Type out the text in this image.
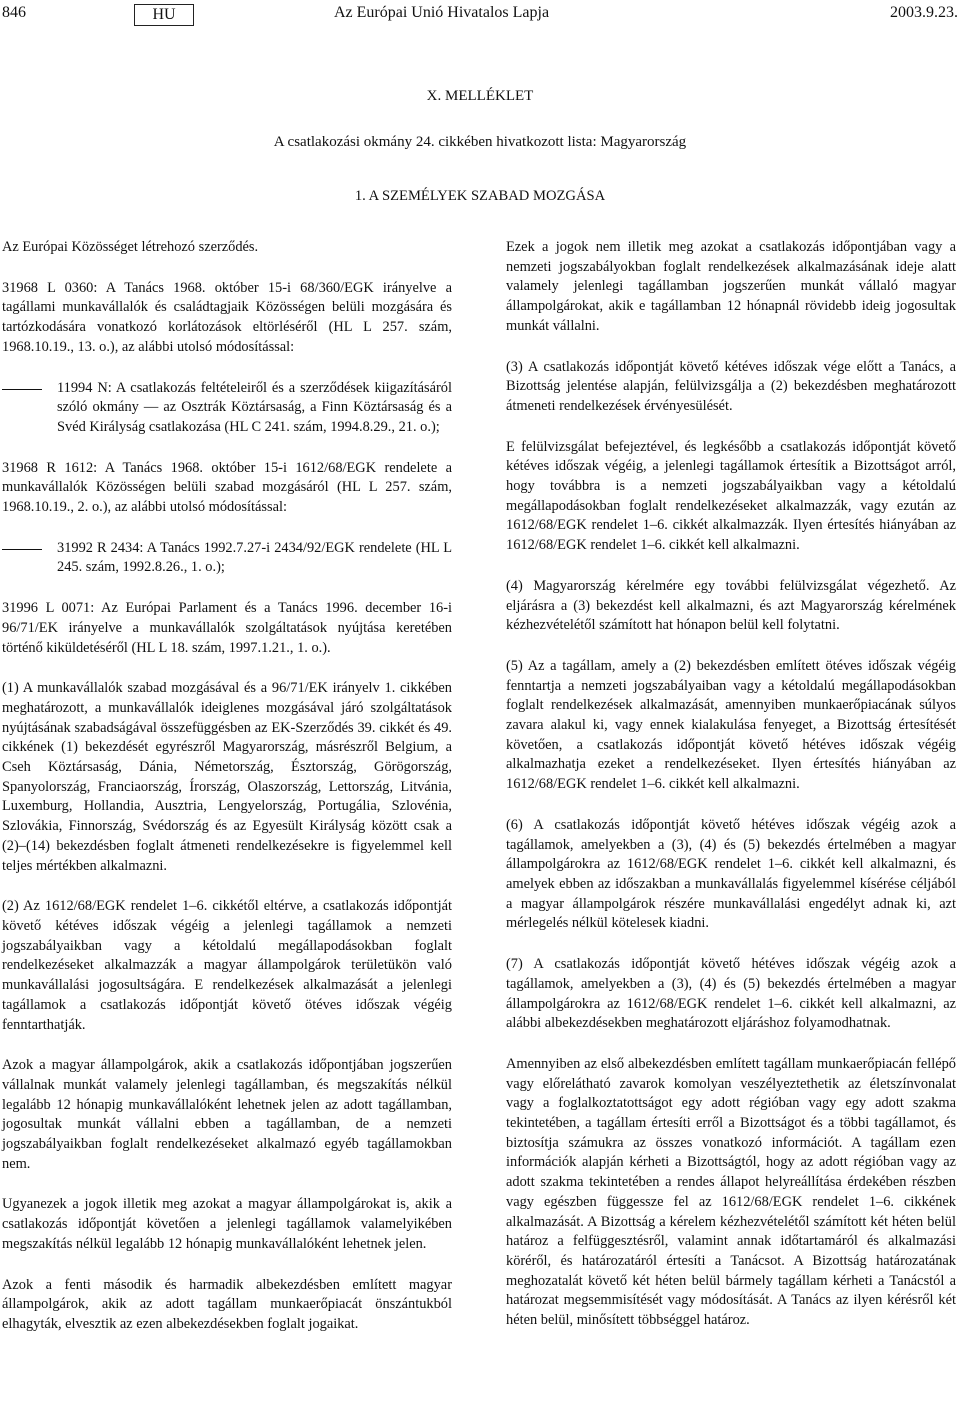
846	HU	Az Európai Unió Hivatalos Lapja	2003.9.23.
X. MELLÉKLET
A csatlakozási okmány 24. cikkében hivatkozott lista: Magyarország
1. A SZEMÉLYEK SZABAD MOZGÁSA

Az Európai Közösséget létrehozó szerződés.

31968 L 0360: A Tanács 1968. október 15-i 68/360/EGK irányelve a tagállami munkavállalók és családtagjaik Közösségen belüli mozgására és tartózkodására vonatkozó korlátozások eltörléséről (HL L 257. szám, 1968.10.19., 13. o.), az alábbi utolsó módosítással:

11994 N: A csatlakozás feltételeiről és a szerződések kiigazításáról szóló okmány — az Osztrák Köztársaság, a Finn Köztársaság és a Svéd Királyság csatlakozása (HL C 241. szám, 1994.8.29., 21. o.);

31968 R 1612: A Tanács 1968. október 15-i 1612/68/EGK rendelete a munkavállalók Közösségen belüli szabad mozgásáról (HL L 257. szám, 1968.10.19., 2. o.), az alábbi utolsó módosítással:

31992 R 2434: A Tanács 1992.7.27-i 2434/92/EGK rendelete (HL L 245. szám, 1992.8.26., 1. o.);

31996 L 0071: Az Európai Parlament és a Tanács 1996. december 16-i 96/71/EK irányelve a munkavállalók szolgáltatások nyújtása keretében történő kiküldetéséről (HL L 18. szám, 1997.1.21., 1. o.).

(1) A munkavállalók szabad mozgásával és a 96/71/EK irányelv 1. cikkében meghatározott, a munkavállalók ideiglenes mozgásával járó szolgáltatások nyújtásának szabadságával összefüggésben az EK-Szerződés 39. cikkét és 49. cikkének (1) bekezdését egyrészről Magyarország, másrészről Belgium, a Cseh Köztársaság, Dánia, Németország, Észtország, Görögország, Spanyolország, Franciaország, Írország, Olaszország, Lettország, Litvánia, Luxemburg, Hollandia, Ausztria, Lengyelország, Portugália, Szlovénia, Szlovákia, Finnország, Svédország és az Egyesült Királyság között csak a (2)–(14) bekezdésben foglalt átmeneti rendelkezésekre is figyelemmel kell teljes mértékben alkalmazni.

(2) Az 1612/68/EGK rendelet 1–6. cikkétől eltérve, a csatlakozás időpontját követő kétéves időszak végéig a jelenlegi tagállamok a nemzeti jogszabályaikban vagy a kétoldalú megállapodásokban foglalt rendelkezéseket alkalmazzák a magyar állampolgárok területükön való munkavállalási jogosultságára. E rendelkezések alkalmazását a jelenlegi tagállamok a csatlakozás időpontját követő ötéves időszak végéig fenntarthatják.

Azok a magyar állampolgárok, akik a csatlakozás időpontjában jogszerűen vállalnak munkát valamely jelenlegi tagállamban, és megszakítás nélkül legalább 12 hónapig munkavállalóként lehetnek jelen az adott tagállamban, jogosultak munkát vállalni ebben a tagállamban, de a nemzeti jogszabályaikban foglalt rendelkezéseket alkalmazó egyéb tagállamokban nem.

Ugyanezek a jogok illetik meg azokat a magyar állampolgárokat is, akik a csatlakozás időpontját követően a jelenlegi tagállamok valamelyikében megszakítás nélkül legalább 12 hónapig munkavállalóként lehetnek jelen.

Azok a fenti második és harmadik albekezdésben említett magyar állampolgárok, akik az adott tagállam munkaerőpiacát önszántukból elhagyták, elvesztik az ezen albekezdésekben foglalt jogaikat.

Ezek a jogok nem illetik meg azokat a csatlakozás időpontjában vagy a nemzeti jogszabályokban foglalt rendelkezések alkalmazásának ideje alatt valamely jelenlegi tagállamban jogszerűen munkát vállaló magyar állampolgárokat, akik e tagállamban 12 hónapnál rövidebb ideig jogosultak munkát vállalni.

(3) A csatlakozás időpontját követő kétéves időszak vége előtt a Tanács, a Bizottság jelentése alapján, felülvizsgálja a (2) bekezdésben meghatározott átmeneti rendelkezések érvényesülését.

E felülvizsgálat befejeztével, és legkésőbb a csatlakozás időpontját követő kétéves időszak végéig, a jelenlegi tagállamok értesítik a Bizottságot arról, hogy továbbra is a nemzeti jogszabályaikban vagy a kétoldalú megállapodásokban foglalt rendelkezéseket alkalmazzák, vagy ezután az 1612/68/EGK rendelet 1–6. cikkét alkalmazzák. Ilyen értesítés hiányában az 1612/68/EGK rendelet 1–6. cikkét kell alkalmazni.

(4) Magyarország kérelmére egy további felülvizsgálat végezhető. Az eljárásra a (3) bekezdést kell alkalmazni, és azt Magyarország kérelmének kézhezvételétől számított hat hónapon belül kell folytatni.

(5) Az a tagállam, amely a (2) bekezdésben említett ötéves időszak végéig fenntartja a nemzeti jogszabályaiban vagy a kétoldalú megállapodásokban foglalt rendelkezések alkalmazását, amennyiben munkaerőpiacának súlyos zavara alakul ki, vagy ennek kialakulása fenyeget, a Bizottság értesítését követően, a csatlakozás időpontját követő hétéves időszak végéig alkalmazhatja ezeket a rendelkezéseket. Ilyen értesítés hiányában az 1612/68/EGK rendelet 1–6. cikkét kell alkalmazni.

(6) A csatlakozás időpontját követő hétéves időszak végéig azok a tagállamok, amelyekben a (3), (4) és (5) bekezdés értelmében a magyar állampolgárokra az 1612/68/EGK rendelet 1–6. cikkét kell alkalmazni, és amelyek ebben az időszakban a munkavállalás figyelemmel kísérése céljából a magyar állampolgárok részére munkavállalási engedélyt adnak ki, azt mérlegelés nélkül kötelesek kiadni.

(7) A csatlakozás időpontját követő hétéves időszak végéig azok a tagállamok, amelyekben a (3), (4) és (5) bekezdés értelmében a magyar állampolgárokra az 1612/68/EGK rendelet 1–6. cikkét kell alkalmazni, az alábbi albekezdésekben meghatározott eljáráshoz folyamodhatnak.

Amennyiben az első albekezdésben említett tagállam munkaerőpiacán fellépő vagy előrelátható zavarok komolyan veszélyeztethetik az életszínvonalat vagy a foglalkoztatottságot egy adott régióban vagy egy adott szakma tekintetében, a tagállam értesíti erről a Bizottságot és a többi tagállamot, és biztosítja számukra az összes vonatkozó információt. A tagállam ezen információk alapján kérheti a Bizottságtól, hogy az adott régióban vagy az adott szakma tekintetében a rendes állapot helyreállítása érdekében részben vagy egészben függessze fel az 1612/68/EGK rendelet 1–6. cikkének alkalmazását. A Bizottság a kérelem kézhezvételétől számított két héten belül határoz a felfüggesztésről, valamint annak időtartamáról és alkalmazási köréről, és határozatáról értesíti a Tanácsot. A Bizottság határozatának meghozatalát követő két héten belül bármely tagállam kérheti a Tanácstól a határozat megsemmisítését vagy módosítását. A Tanács az ilyen kérésről két héten belül, minősített többséggel határoz.
